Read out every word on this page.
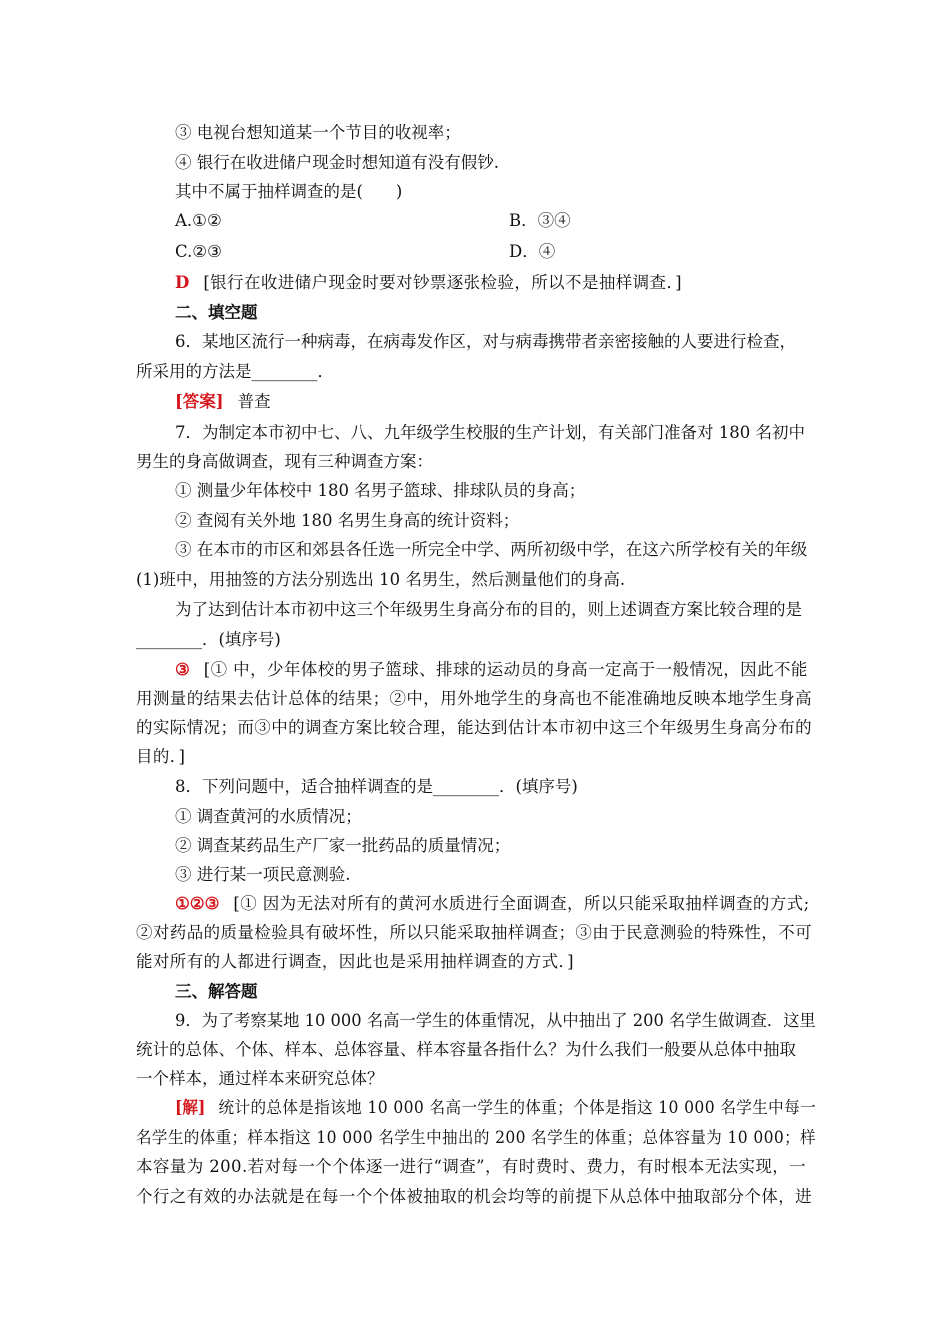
③ 电视台想知道某一个节目的收视率；
④ 银行在收进储户现金时想知道有没有假钞.
其中不属于抽样调查的是(　　)
A.①②	B．③④
C.②③	D．④
D [银行在收进储户现金时要对钞票逐张检验，所以不是抽样调查．]
二、填空题
6．某地区流行一种病毒，在病毒发作区，对与病毒携带者亲密接触的人要进行检查，
所采用的方法是________．
[答案] 普查
7．为制定本市初中七、八、九年级学生校服的生产计划，有关部门准备对 180 名初中
男生的身高做调查，现有三种调查方案：
① 测量少年体校中 180 名男子篮球、排球队员的身高；
② 查阅有关外地 180 名男生身高的统计资料；
③ 在本市的市区和郊县各任选一所完全中学、两所初级中学，在这六所学校有关的年级
(1)班中，用抽签的方法分别选出 10 名男生，然后测量他们的身高.
为了达到估计本市初中这三个年级男生身高分布的目的，则上述调查方案比较合理的是
________．(填序号)
③ [① 中，少年体校的男子篮球、排球的运动员的身高一定高于一般情况，因此不能
用测量的结果去估计总体的结果；②中，用外地学生的身高也不能准确地反映本地学生身高
的实际情况；而③中的调查方案比较合理，能达到估计本市初中这三个年级男生身高分布的
目的．]
8．下列问题中，适合抽样调查的是________．(填序号)
① 调查黄河的水质情况；
② 调查某药品生产厂家一批药品的质量情况；
③ 进行某一项民意测验.
①②③ [① 因为无法对所有的黄河水质进行全面调查，所以只能采取抽样调查的方式;
②对药品的质量检验具有破坏性，所以只能采取抽样调查；③由于民意测验的特殊性，不可
能对所有的人都进行调查，因此也是采用抽样调查的方式．]
三、解答题
9．为了考察某地 10 000 名高一学生的体重情况，从中抽出了 200 名学生做调查．这里
统计的总体、个体、样本、总体容量、样本容量各指什么？为什么我们一般要从总体中抽取
一个样本，通过样本来研究总体？
[解] 统计的总体是指该地 10 000 名高一学生的体重；个体是指这 10 000 名学生中每一
名学生的体重；样本指这 10 000 名学生中抽出的 200 名学生的体重；总体容量为 10 000；样
本容量为 200.若对每一个个体逐一进行“调查”，有时费时、费力，有时根本无法实现，一
个行之有效的办法就是在每一个个体被抽取的机会均等的前提下从总体中抽取部分个体，进
